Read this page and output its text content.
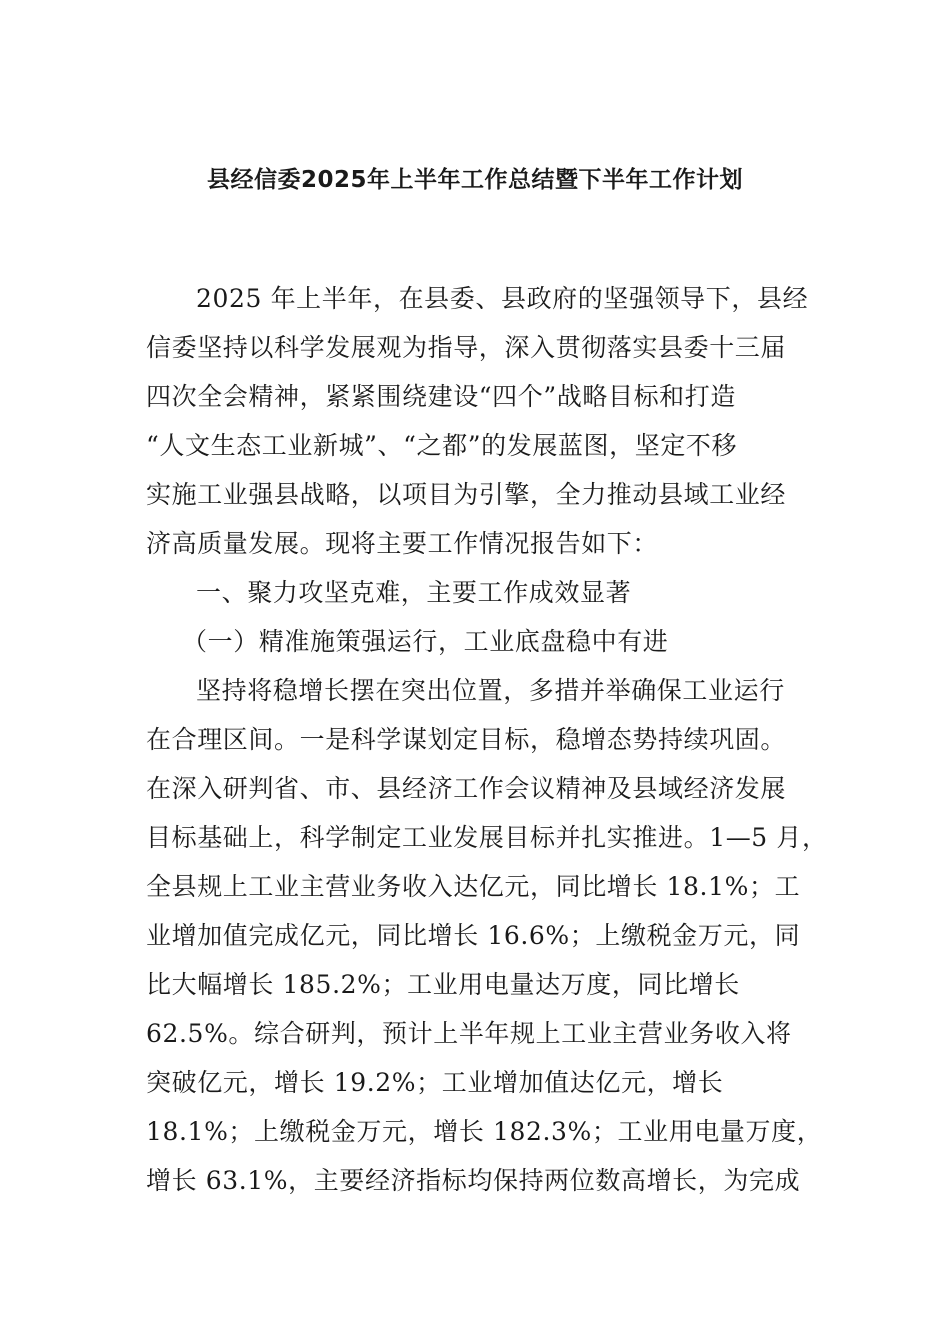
县经信委2025年上半年工作总结暨下半年工作计划
2025 年上半年，在县委、县政府的坚强领导下，县经
信委坚持以科学发展观为指导，深入贯彻落实县委十三届
四次全会精神，紧紧围绕建设“四个”战略目标和打造
“人文生态工业新城”、“之都”的发展蓝图，坚定不移
实施工业强县战略，以项目为引擎，全力推动县域工业经
济高质量发展。现将主要工作情况报告如下：
一、聚力攻坚克难，主要工作成效显著
（一）精准施策强运行，工业底盘稳中有进
坚持将稳增长摆在突出位置，多措并举确保工业运行
在合理区间。一是科学谋划定目标，稳增态势持续巩固。
在深入研判省、市、县经济工作会议精神及县域经济发展
目标基础上，科学制定工业发展目标并扎实推进。1—5 月，
全县规上工业主营业务收入达亿元，同比增长 18.1%；工
业增加值完成亿元，同比增长 16.6%；上缴税金万元，同
比大幅增长 185.2%；工业用电量达万度，同比增长
62.5%。综合研判，预计上半年规上工业主营业务收入将
突破亿元，增长 19.2%；工业增加值达亿元，增长
18.1%；上缴税金万元，增长 182.3%；工业用电量万度，
增长 63.1%，主要经济指标均保持两位数高增长，为完成
